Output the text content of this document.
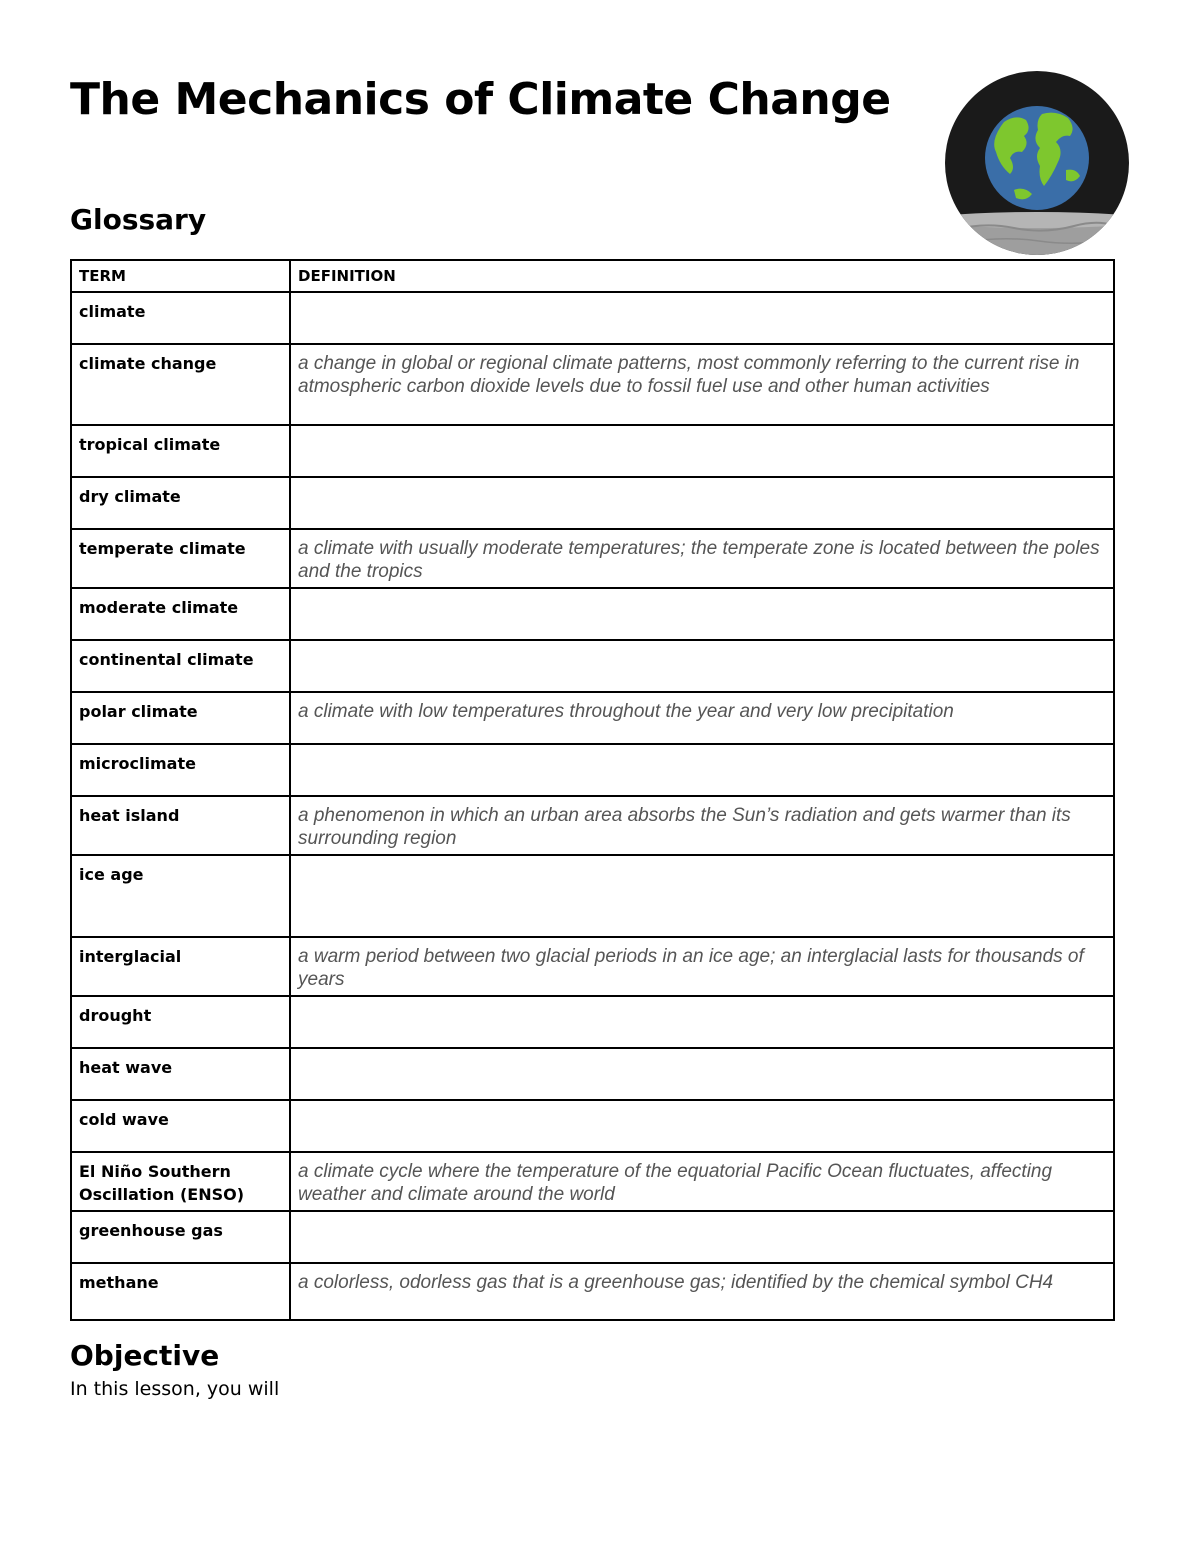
The Mechanics of Climate Change
Glossary
TERM	DEFINITION
climate	
climate change	a change in global or regional climate patterns, most commonly referring to the current rise in atmospheric carbon dioxide levels due to fossil fuel use and other human activities
tropical climate	
dry climate	
temperate climate	a climate with usually moderate temperatures; the temperate zone is located between the poles and the tropics
moderate climate	
continental climate	
polar climate	a climate with low temperatures throughout the year and very low precipitation
microclimate	
heat island	a phenomenon in which an urban area absorbs the Sun’s radiation and gets warmer than its surrounding region
ice age	
interglacial	a warm period between two glacial periods in an ice age; an interglacial lasts for thousands of years
drought	
heat wave	
cold wave	
El Niño Southern Oscillation (ENSO)	a climate cycle where the temperature of the equatorial Pacific Ocean fluctuates, affecting weather and climate around the world
greenhouse gas	
methane	a colorless, odorless gas that is a greenhouse gas; identified by the chemical symbol CH4
Objective

In this lesson, you will
